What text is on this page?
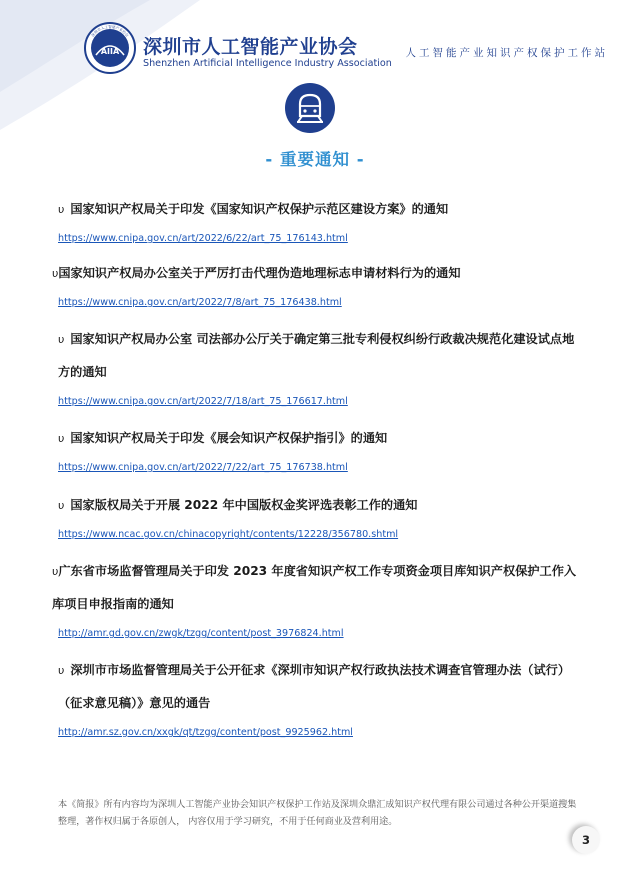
AIIA
深圳市人工智能产业协会
深圳市人工智能产业协会
Shenzhen Artificial Intelligence Industry Association
人工智能产业知识产权保护工作站
- 重要通知 -
υ 国家知识产权局关于印发《国家知识产权保护示范区建设方案》的通知
https://www.cnipa.gov.cn/art/2022/6/22/art_75_176143.html
υ国家知识产权局办公室关于严厉打击代理伪造地理标志申请材料行为的通知
https://www.cnipa.gov.cn/art/2022/7/8/art_75_176438.html
υ 国家知识产权局办公室 司法部办公厅关于确定第三批专利侵权纠纷行政裁决规范化建设试点地方的通知
https://www.cnipa.gov.cn/art/2022/7/18/art_75_176617.html
υ 国家知识产权局关于印发《展会知识产权保护指引》的通知
https://www.cnipa.gov.cn/art/2022/7/22/art_75_176738.html
υ 国家版权局关于开展 2022 年中国版权金奖评选表彰工作的通知
https://www.ncac.gov.cn/chinacopyright/contents/12228/356780.shtml
υ广东省市场监督管理局关于印发 2023 年度省知识产权工作专项资金项目库知识产权保护工作入库项目申报指南的通知
http://amr.gd.gov.cn/zwgk/tzgg/content/post_3976824.html
υ 深圳市市场监督管理局关于公开征求《深圳市知识产权行政执法技术调查官管理办法（试行）（征求意见稿）》意见的通告
http://amr.sz.gov.cn/xxgk/qt/tzgg/content/post_9925962.html
本《简报》所有内容均为深圳人工智能产业协会知识产权保护工作站及深圳众鼎汇成知识产权代理有限公司通过各种公开渠道搜集整理，著作权归属于各原创人， 内容仅用于学习研究，不用于任何商业及营利用途。
3
